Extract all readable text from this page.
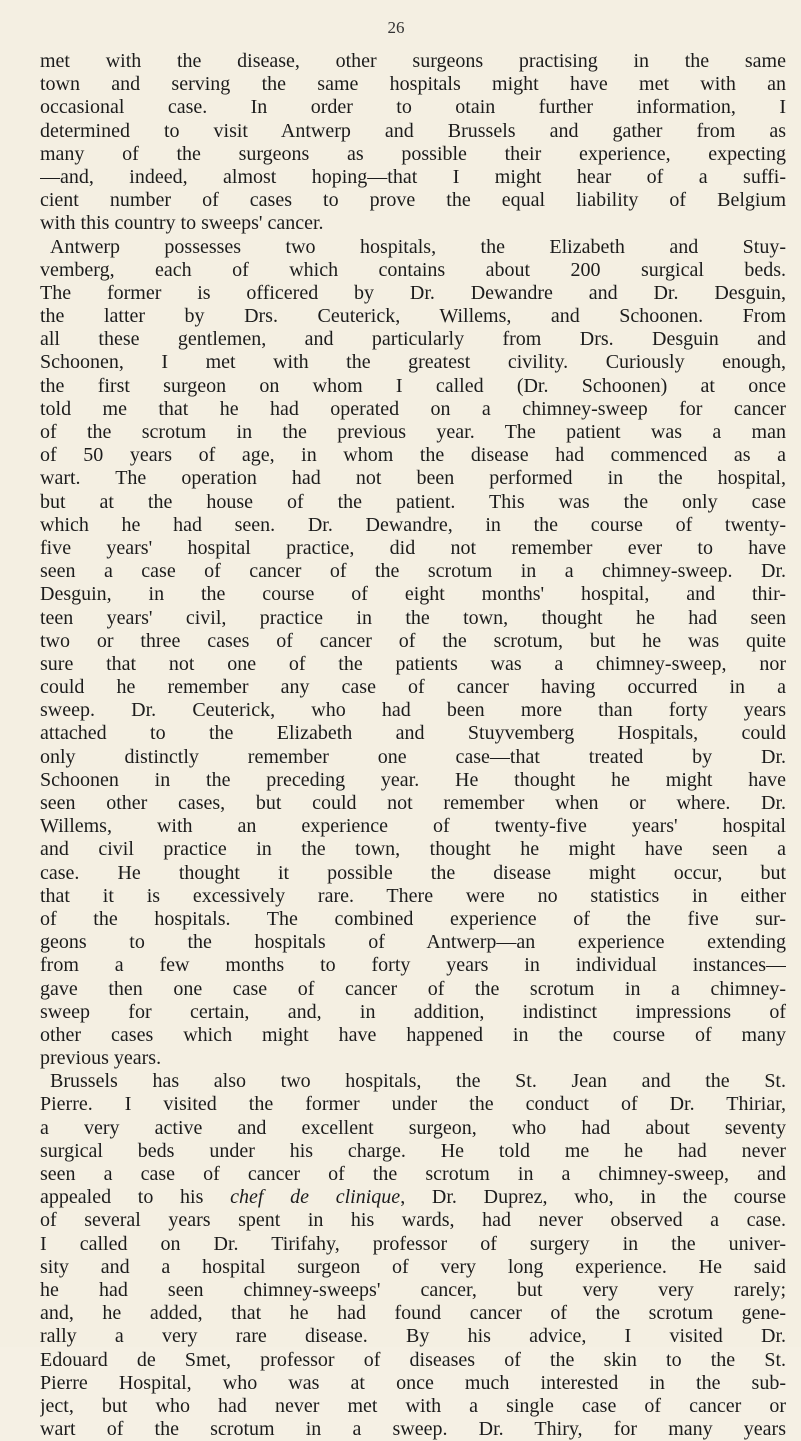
26
met with the disease, other surgeons practising in the same
town and serving the same hospitals might have met with an
occasional case. In order to otain further information, I
determined to visit Antwerp and Brussels and gather from as
many of the surgeons as possible their experience, expecting
—and, indeed, almost hoping—that I might hear of a suffi-
cient number of cases to prove the equal liability of Belgium
with this country to sweeps' cancer.
Antwerp possesses two hospitals, the Elizabeth and Stuy-
vemberg, each of which contains about 200 surgical beds.
The former is officered by Dr. Dewandre and Dr. Desguin,
the latter by Drs. Ceuterick, Willems, and Schoonen. From
all these gentlemen, and particularly from Drs. Desguin and
Schoonen, I met with the greatest civility. Curiously enough,
the first surgeon on whom I called (Dr. Schoonen) at once
told me that he had operated on a chimney-sweep for cancer
of the scrotum in the previous year. The patient was a man
of 50 years of age, in whom the disease had commenced as a
wart. The operation had not been performed in the hospital,
but at the house of the patient. This was the only case
which he had seen. Dr. Dewandre, in the course of twenty-
five years' hospital practice, did not remember ever to have
seen a case of cancer of the scrotum in a chimney-sweep. Dr.
Desguin, in the course of eight months' hospital, and thir-
teen years' civil, practice in the town, thought he had seen
two or three cases of cancer of the scrotum, but he was quite
sure that not one of the patients was a chimney-sweep, nor
could he remember any case of cancer having occurred in a
sweep. Dr. Ceuterick, who had been more than forty years
attached to the Elizabeth and Stuyvemberg Hospitals, could
only distinctly remember one case—that treated by Dr.
Schoonen in the preceding year. He thought he might have
seen other cases, but could not remember when or where. Dr.
Willems, with an experience of twenty-five years' hospital
and civil practice in the town, thought he might have seen a
case. He thought it possible the disease might occur, but
that it is excessively rare. There were no statistics in either
of the hospitals. The combined experience of the five sur-
geons to the hospitals of Antwerp—an experience extending
from a few months to forty years in individual instances—
gave then one case of cancer of the scrotum in a chimney-
sweep for certain, and, in addition, indistinct impressions of
other cases which might have happened in the course of many
previous years.
Brussels has also two hospitals, the St. Jean and the St.
Pierre. I visited the former under the conduct of Dr. Thiriar,
a very active and excellent surgeon, who had about seventy
surgical beds under his charge. He told me he had never
seen a case of cancer of the scrotum in a chimney-sweep, and
appealed to his chef de clinique, Dr. Duprez, who, in the course
of several years spent in his wards, had never observed a case.
I called on Dr. Tirifahy, professor of surgery in the univer-
sity and a hospital surgeon of very long experience. He said
he had seen chimney-sweeps' cancer, but very very rarely;
and, he added, that he had found cancer of the scrotum gene-
rally a very rare disease. By his advice, I visited Dr.
Edouard de Smet, professor of diseases of the skin to the St.
Pierre Hospital, who was at once much interested in the sub-
ject, but who had never met with a single case of cancer or
wart of the scrotum in a sweep. Dr. Thiry, for many years
